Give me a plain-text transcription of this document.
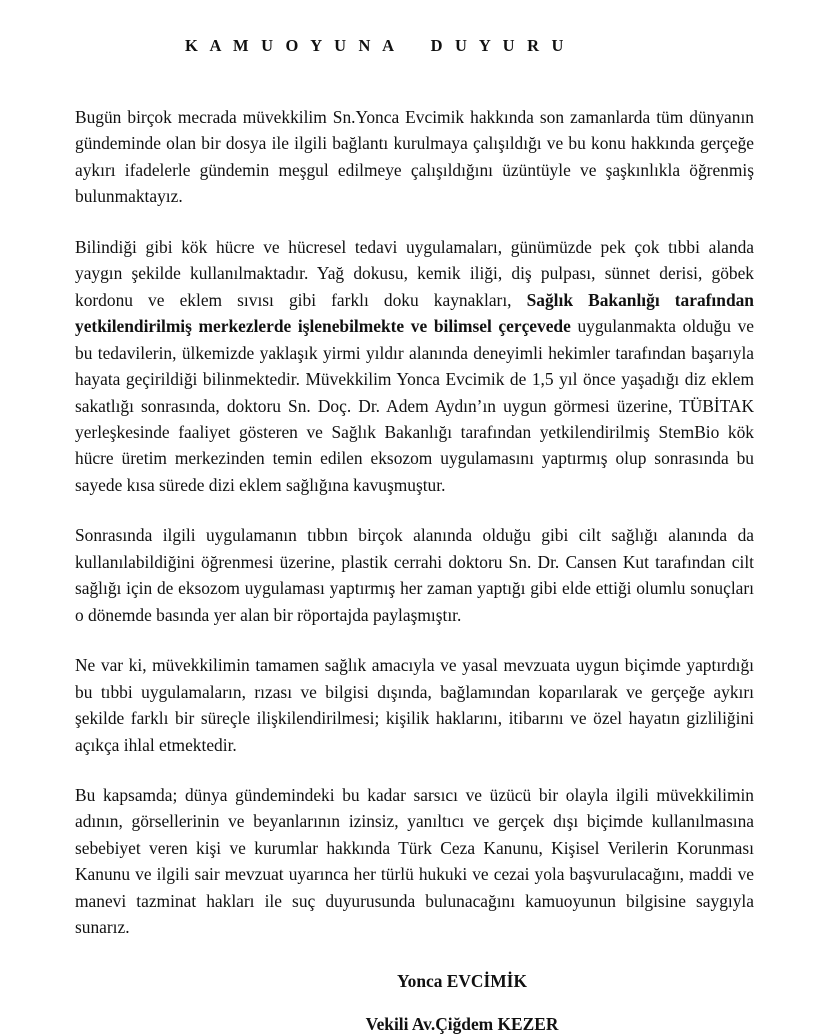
K A M U O Y U N A    D U Y U R U

Bugün birçok mecrada müvekkilim Sn.Yonca Evcimik hakkında son zamanlarda tüm dünyanın gündeminde olan bir dosya ile ilgili bağlantı kurulmaya çalışıldığı ve bu konu hakkında gerçeğe aykırı ifadelerle gündemin meşgul edilmeye çalışıldığını üzüntüyle ve şaşkınlıkla öğrenmiş bulunmaktayız.

Bilindiği gibi kök hücre ve hücresel tedavi uygulamaları, günümüzde pek çok tıbbi alanda yaygın şekilde kullanılmaktadır. Yağ dokusu, kemik iliği, diş pulpası, sünnet derisi, göbek kordonu ve eklem sıvısı gibi farklı doku kaynakları, Sağlık Bakanlığı tarafından yetkilendirilmiş merkezlerde işlenebilmekte ve bilimsel çerçevede uygulanmakta olduğu ve bu tedavilerin, ülkemizde yaklaşık yirmi yıldır alanında deneyimli hekimler tarafından başarıyla hayata geçirildiği bilinmektedir. Müvekkilim Yonca Evcimik de 1,5 yıl önce yaşadığı diz eklem sakatlığı sonrasında, doktoru Sn. Doç. Dr. Adem Aydın’ın uygun görmesi üzerine, TÜBİTAK yerleşkesinde faaliyet gösteren ve Sağlık Bakanlığı tarafından yetkilendirilmiş StemBio kök hücre üretim merkezinden temin edilen eksozom uygulamasını yaptırmış olup sonrasında bu sayede kısa sürede dizi eklem sağlığına kavuşmuştur.

Sonrasında ilgili uygulamanın tıbbın birçok alanında olduğu gibi cilt sağlığı alanında da kullanılabildiğini öğrenmesi üzerine, plastik cerrahi doktoru Sn. Dr. Cansen Kut tarafından cilt sağlığı için de eksozom uygulaması yaptırmış her zaman yaptığı gibi elde ettiği olumlu sonuçları o dönemde basında yer alan bir röportajda paylaşmıştır.

Ne var ki, müvekkilimin tamamen sağlık amacıyla ve yasal mevzuata uygun biçimde yaptırdığı bu tıbbi uygulamaların, rızası ve bilgisi dışında, bağlamından koparılarak ve gerçeğe aykırı şekilde farklı bir süreçle ilişkilendirilmesi; kişilik haklarını, itibarını ve özel hayatın gizliliğini açıkça ihlal etmektedir.

Bu kapsamda; dünya gündemindeki bu kadar sarsıcı ve üzücü bir olayla ilgili müvekkilimin adının, görsellerinin ve beyanlarının izinsiz, yanıltıcı ve gerçek dışı biçimde kullanılmasına sebebiyet veren kişi ve kurumlar hakkında Türk Ceza Kanunu, Kişisel Verilerin Korunması Kanunu ve ilgili sair mevzuat uyarınca her türlü hukuki ve cezai yola başvurulacağını, maddi ve manevi tazminat hakları ile suç duyurusunda bulunacağını kamuoyunun bilgisine saygıyla sunarız.

Yonca EVCİMİK
Vekili Av.Çiğdem KEZER
